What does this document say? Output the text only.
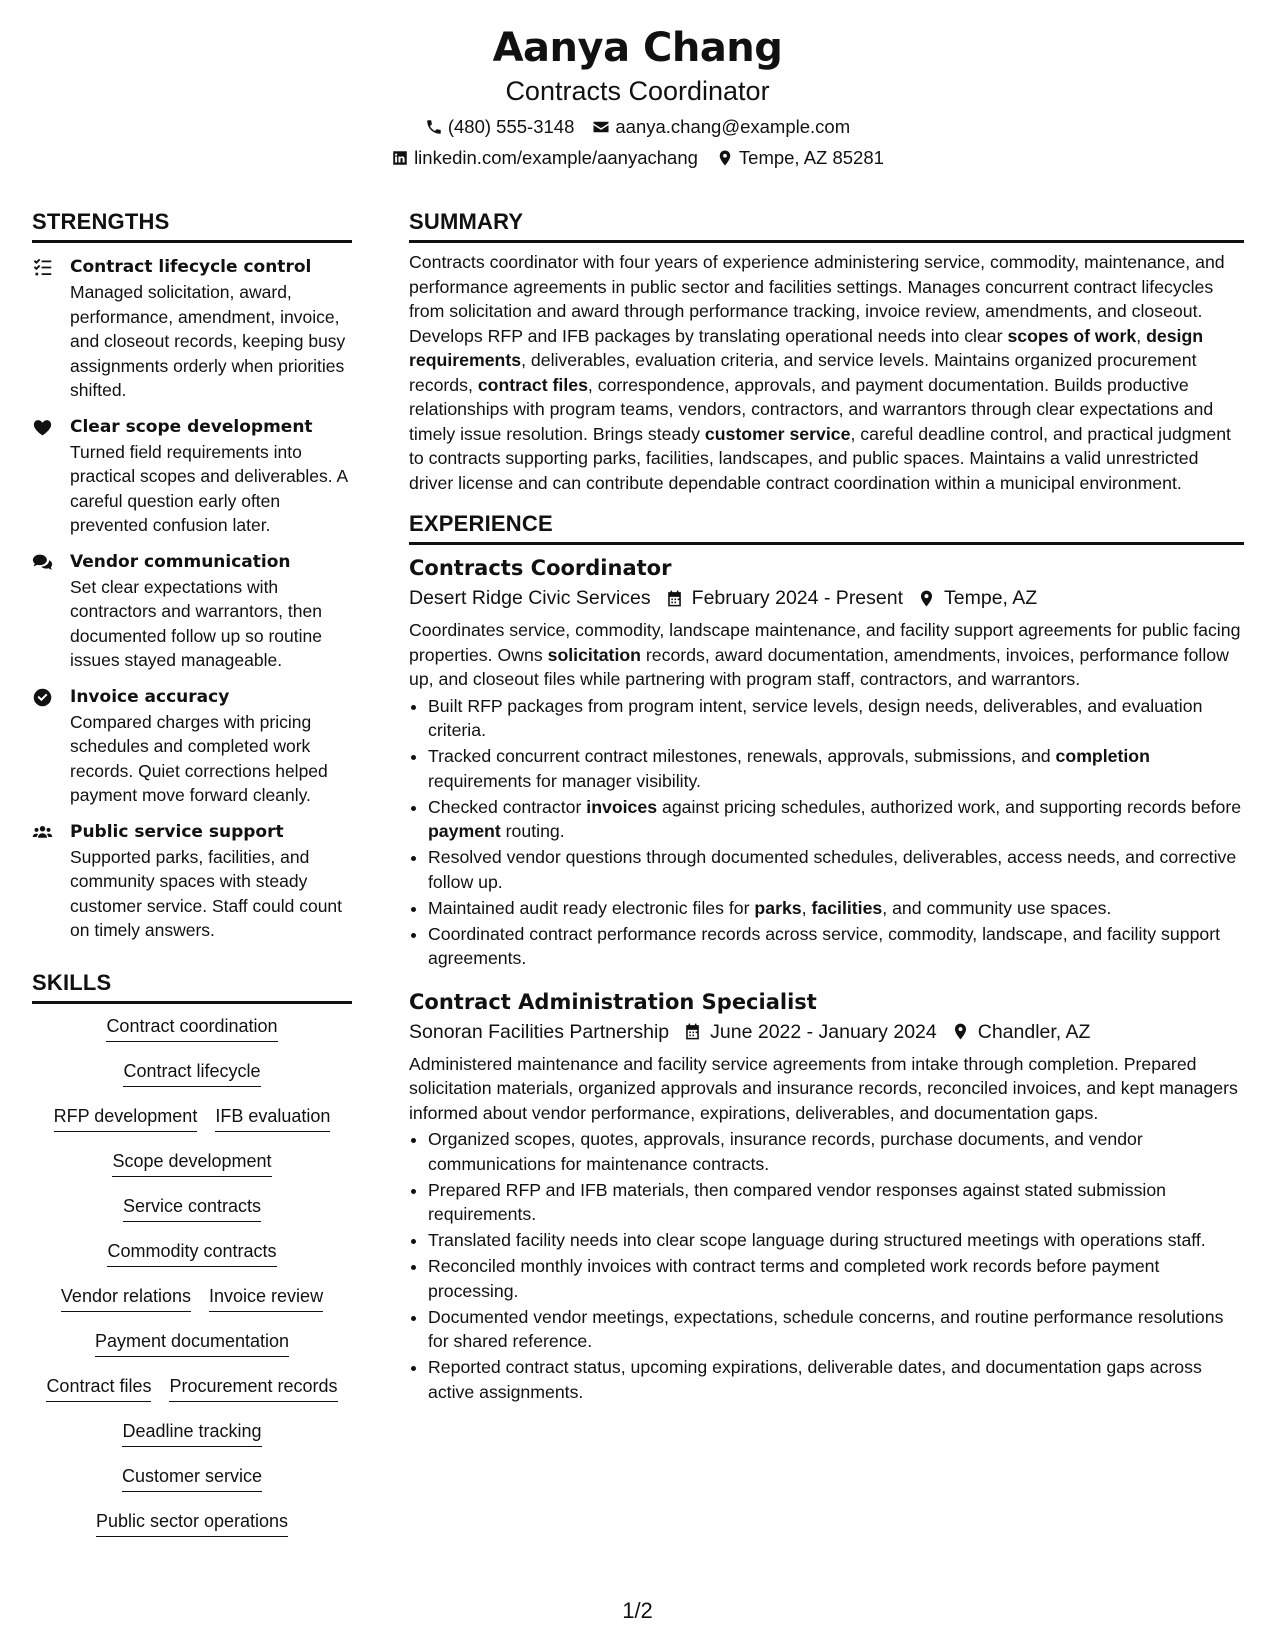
Aanya Chang
Contracts Coordinator
(480) 555-3148 aanya.chang@example.com
linkedin.com/example/aanyachang Tempe, AZ 85281
STRENGTHS
Contract lifecycle control
Managed solicitation, award, performance, amendment, invoice, and closeout records, keeping busy assignments orderly when priorities shifted.
Clear scope development
Turned field requirements into practical scopes and deliverables. A careful question early often prevented confusion later.
Vendor communication
Set clear expectations with contractors and warrantors, then documented follow up so routine issues stayed manageable.
Invoice accuracy
Compared charges with pricing schedules and completed work records. Quiet corrections helped payment move forward cleanly.
Public service support
Supported parks, facilities, and community spaces with steady customer service. Staff could count on timely answers.
SKILLS
Contract coordination
Contract lifecycle
RFP development IFB evaluation
Scope development
Service contracts
Commodity contracts
Vendor relations Invoice review
Payment documentation
Contract files Procurement records
Deadline tracking
Customer service
Public sector operations
SUMMARY
Contracts coordinator with four years of experience administering service, commodity, maintenance, and performance agreements in public sector and facilities settings. Manages concurrent contract lifecycles from solicitation and award through performance tracking, invoice review, amendments, and closeout. Develops RFP and IFB packages by translating operational needs into clear scopes of work, design requirements, deliverables, evaluation criteria, and service levels. Maintains organized procurement records, contract files, correspondence, approvals, and payment documentation. Builds productive relationships with program teams, vendors, contractors, and warrantors through clear expectations and timely issue resolution. Brings steady customer service, careful deadline control, and practical judgment to contracts supporting parks, facilities, landscapes, and public spaces. Maintains a valid unrestricted driver license and can contribute dependable contract coordination within a municipal environment.
EXPERIENCE
Contracts Coordinator
Desert Ridge Civic Services February 2024 - Present Tempe, AZ
Coordinates service, commodity, landscape maintenance, and facility support agreements for public facing properties. Owns solicitation records, award documentation, amendments, invoices, performance follow up, and closeout files while partnering with program staff, contractors, and warrantors.
• Built RFP packages from program intent, service levels, design needs, deliverables, and evaluation criteria.
• Tracked concurrent contract milestones, renewals, approvals, submissions, and completion requirements for manager visibility.
• Checked contractor invoices against pricing schedules, authorized work, and supporting records before payment routing.
• Resolved vendor questions through documented schedules, deliverables, access needs, and corrective follow up.
• Maintained audit ready electronic files for parks, facilities, and community use spaces.
• Coordinated contract performance records across service, commodity, landscape, and facility support agreements.
Contract Administration Specialist
Sonoran Facilities Partnership June 2022 - January 2024 Chandler, AZ
Administered maintenance and facility service agreements from intake through completion. Prepared solicitation materials, organized approvals and insurance records, reconciled invoices, and kept managers informed about vendor performance, expirations, deliverables, and documentation gaps.
• Organized scopes, quotes, approvals, insurance records, purchase documents, and vendor communications for maintenance contracts.
• Prepared RFP and IFB materials, then compared vendor responses against stated submission requirements.
• Translated facility needs into clear scope language during structured meetings with operations staff.
• Reconciled monthly invoices with contract terms and completed work records before payment processing.
• Documented vendor meetings, expectations, schedule concerns, and routine performance resolutions for shared reference.
• Reported contract status, upcoming expirations, deliverable dates, and documentation gaps across active assignments.
1/2
